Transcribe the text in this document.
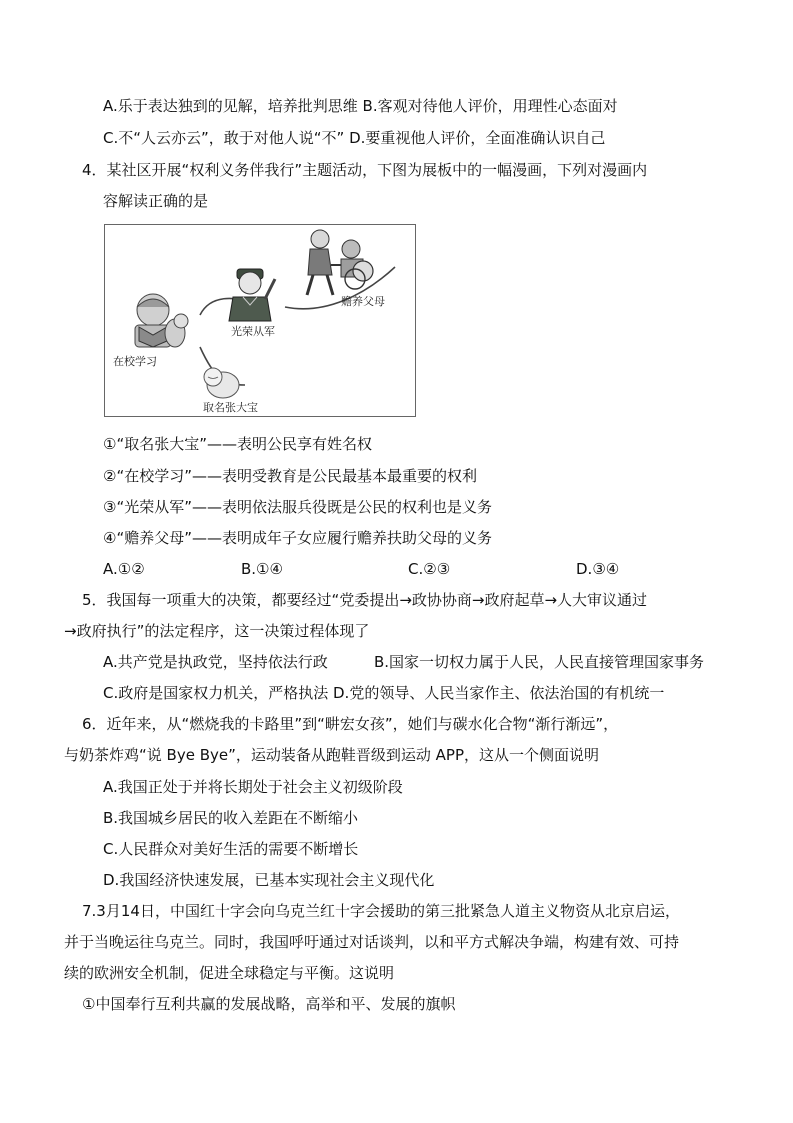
A.乐于表达独到的见解，培养批判思维 B.客观对待他人评价，用理性心态面对
C.不“人云亦云”，敢于对他人说“不” D.要重视他人评价，全面准确认识自己
4．某社区开展“权利义务伴我行”主题活动，下图为展板中的一幅漫画，下列对漫画内
容解读正确的是
赡养父母
光荣从军
在校学习
取名张大宝
①“取名张大宝”——表明公民享有姓名权
②“在校学习”——表明受教育是公民最基本最重要的权利
③“光荣从军”——表明依法服兵役既是公民的权利也是义务
④“赡养父母”——表明成年子女应履行赡养扶助父母的义务
A.①②	B.①④	C.②③	D.③④
5．我国每一项重大的决策，都要经过“党委提出→政协协商→政府起草→人大审议通过
→政府执行”的法定程序，这一决策过程体现了
A.共产党是执政党，坚持依法行政	B.国家一切权力属于人民，人民直接管理国家事务
C.政府是国家权力机关，严格执法 D.党的领导、人民当家作主、依法治国的有机统一
6．近年来，从“燃烧我的卡路里”到“畊宏女孩”，她们与碳水化合物“渐行渐远”，
与奶茶炸鸡“说 Bye Bye”，运动装备从跑鞋晋级到运动 APP，这从一个侧面说明
A.我国正处于并将长期处于社会主义初级阶段
B.我国城乡居民的收入差距在不断缩小
C.人民群众对美好生活的需要不断增长
D.我国经济快速发展，已基本实现社会主义现代化
7.3月14日，中国红十字会向乌克兰红十字会援助的第三批紧急人道主义物资从北京启运，
并于当晚运往乌克兰。同时，我国呼吁通过对话谈判，以和平方式解决争端，构建有效、可持
续的欧洲安全机制，促进全球稳定与平衡。这说明
①中国奉行互利共赢的发展战略，高举和平、发展的旗帜
